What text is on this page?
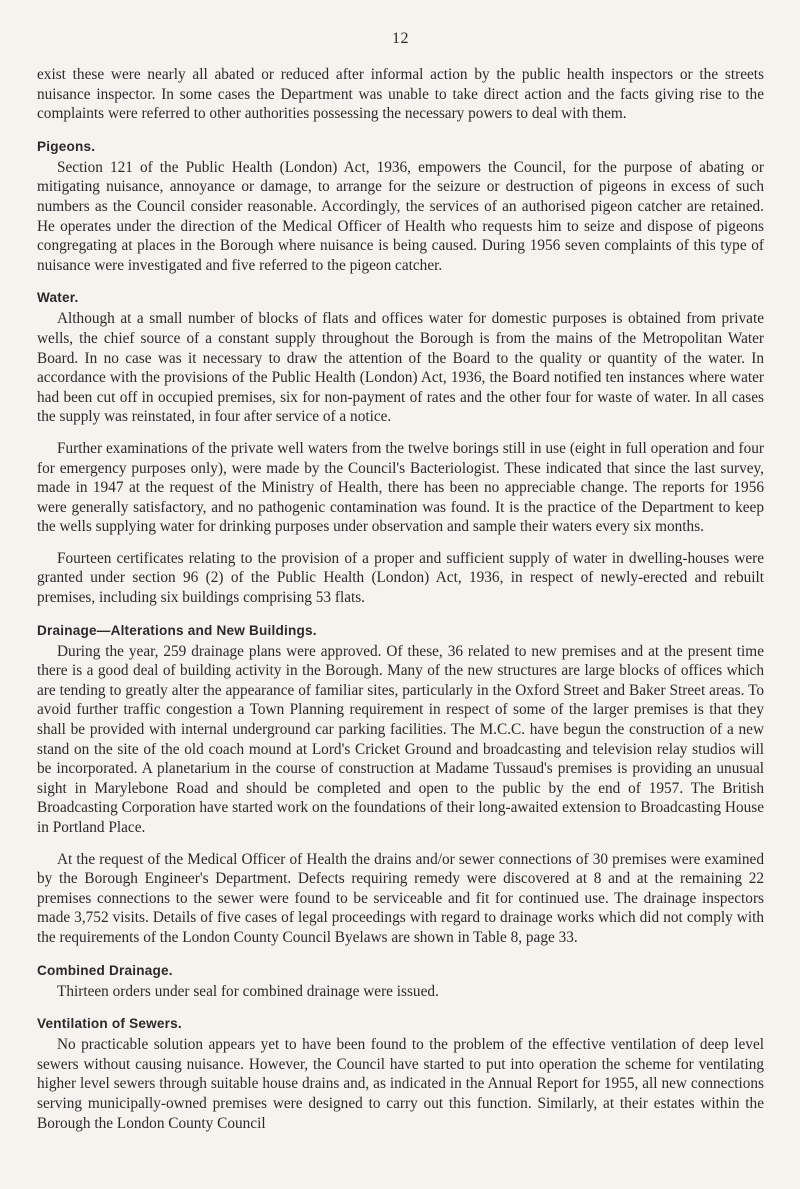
12

exist these were nearly all abated or reduced after informal action by the public health inspectors or the streets nuisance inspector. In some cases the Department was unable to take direct action and the facts giving rise to the complaints were referred to other authorities possessing the necessary powers to deal with them.

Pigeons.

Section 121 of the Public Health (London) Act, 1936, empowers the Council, for the purpose of abating or mitigating nuisance, annoyance or damage, to arrange for the seizure or destruction of pigeons in excess of such numbers as the Council consider reasonable. Accordingly, the services of an authorised pigeon catcher are retained. He operates under the direction of the Medical Officer of Health who requests him to seize and dispose of pigeons congregating at places in the Borough where nuisance is being caused. During 1956 seven complaints of this type of nuisance were investigated and five referred to the pigeon catcher.

Water.

Although at a small number of blocks of flats and offices water for domestic purposes is obtained from private wells, the chief source of a constant supply throughout the Borough is from the mains of the Metropolitan Water Board. In no case was it necessary to draw the attention of the Board to the quality or quantity of the water. In accordance with the provisions of the Public Health (London) Act, 1936, the Board notified ten instances where water had been cut off in occupied premises, six for non-payment of rates and the other four for waste of water. In all cases the supply was reinstated, in four after service of a notice.

Further examinations of the private well waters from the twelve borings still in use (eight in full operation and four for emergency purposes only), were made by the Council's Bacteriologist. These indicated that since the last survey, made in 1947 at the request of the Ministry of Health, there has been no appreciable change. The reports for 1956 were generally satisfactory, and no pathogenic contamination was found. It is the practice of the Department to keep the wells supplying water for drinking purposes under observation and sample their waters every six months.

Fourteen certificates relating to the provision of a proper and sufficient supply of water in dwelling-houses were granted under section 96 (2) of the Public Health (London) Act, 1936, in respect of newly-erected and rebuilt premises, including six buildings comprising 53 flats.

Drainage—Alterations and New Buildings.

During the year, 259 drainage plans were approved. Of these, 36 related to new premises and at the present time there is a good deal of building activity in the Borough. Many of the new structures are large blocks of offices which are tending to greatly alter the appearance of familiar sites, particularly in the Oxford Street and Baker Street areas. To avoid further traffic congestion a Town Planning requirement in respect of some of the larger premises is that they shall be provided with internal underground car parking facilities. The M.C.C. have begun the construction of a new stand on the site of the old coach mound at Lord's Cricket Ground and broadcasting and television relay studios will be incorporated. A planetarium in the course of construction at Madame Tussaud's premises is providing an unusual sight in Marylebone Road and should be completed and open to the public by the end of 1957. The British Broadcasting Corporation have started work on the foundations of their long-awaited extension to Broadcasting House in Portland Place.

At the request of the Medical Officer of Health the drains and/or sewer connections of 30 premises were examined by the Borough Engineer's Department. Defects requiring remedy were discovered at 8 and at the remaining 22 premises connections to the sewer were found to be serviceable and fit for continued use. The drainage inspectors made 3,752 visits. Details of five cases of legal proceedings with regard to drainage works which did not comply with the requirements of the London County Council Byelaws are shown in Table 8, page 33.

Combined Drainage.

Thirteen orders under seal for combined drainage were issued.

Ventilation of Sewers.

No practicable solution appears yet to have been found to the problem of the effective ventilation of deep level sewers without causing nuisance. However, the Council have started to put into operation the scheme for ventilating higher level sewers through suitable house drains and, as indicated in the Annual Report for 1955, all new connections serving municipally-owned premises were designed to carry out this function. Similarly, at their estates within the Borough the London County Council
